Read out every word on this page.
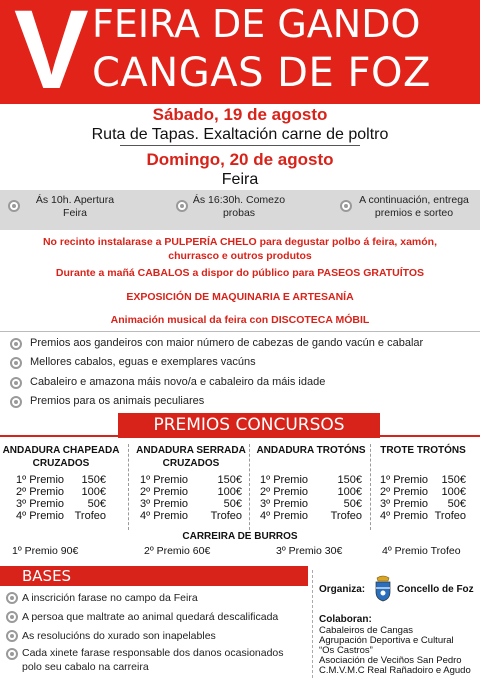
V FEIRA DE GANDO
CANGAS DE FOZ
Sábado, 19 de agosto
Ruta de Tapas. Exaltación carne de poltro
Domingo, 20 de agosto
Feira
Ás 10h. Apertura
Feira
Ás 16:30h. Comezo
probas
A continuación, entrega
premios e sorteo
No recinto instalarase a PULPERÍA CHELO para degustar polbo á feira, xamón,
churrasco e outros produtos
Durante a mañá CABALOS a dispor do público para PASEOS GRATUÍTOS
EXPOSICIÓN DE MAQUINARIA E ARTESANÍA
Animación musical da feira con DISCOTECA MÓBIL
Premios aos gandeiros con maior número de cabezas de gando vacún e cabalar
Mellores cabalos, eguas e exemplares vacúns
Cabaleiro e amazona máis novo/a e cabaleiro da máis idade
Premios para os animais peculiares
PREMIOS CONCURSOS
ANDADURA CHAPEADA
CRUZADOS
1º Premio 150€
2º Premio 100€
3º Premio 50€
4º Premio Trofeo
ANDADURA SERRADA
CRUZADOS
1º Premio	150€
2º Premio	100€
3º Premio	50€
4º Premio Trofeo
ANDADURA TROTÓNS
1º Premio	150€
2º Premio	100€
3º Premio	50€
4º Premio Trofeo
TROTE TROTÓNS
1º Premio 150€
2º Premio 100€
3º Premio 50€
4º Premio Trofeo
CARREIRA DE BURROS
1º Premio 90€	2º Premio 60€	3º Premio 30€	4º Premio Trofeo
BASES
A inscrición farase no campo da Feira
A persoa que maltrate ao animal quedará descalificada
As resolucións do xurado son inapelables
Cada xinete farase responsable dos danos ocasionados
polo seu cabalo na carreira
Organiza:	Concello de Foz
Colaboran:
Cabaleiros de Cangas
Agrupación Deportiva e Cultural
“Os Castros”
Asociación de Veciños San Pedro
C.M.V.M.C Real Rañadoiro e Agudo
